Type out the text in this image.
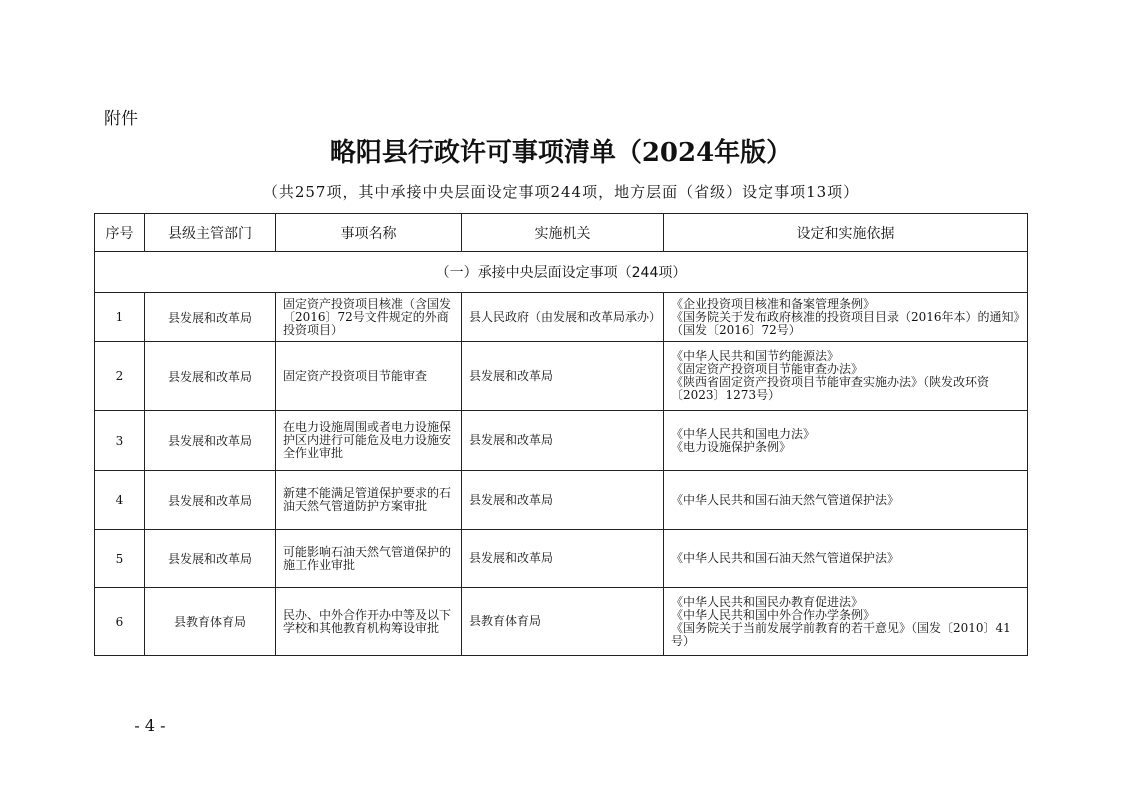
附件
略阳县行政许可事项清单（2024年版）
（共257项，其中承接中央层面设定事项244项，地方层面（省级）设定事项13项）
序号	县级主管部门	事项名称	实施机关	设定和实施依据
（一）承接中央层面设定事项（244项）				
1	县发展和改革局	固定资产投资项目核准（含国发〔2016〕72号文件规定的外商投资项目）	县人民政府（由发展和改革局承办）	《企业投资项目核准和备案管理条例》
《国务院关于发布政府核准的投资项目目录（2016年本）的通知》（国发〔2016〕72号）

2	县发展和改革局	固定资产投资项目节能审查	县发展和改革局	《中华人民共和国节约能源法》
《固定资产投资项目节能审查办法》
《陕西省固定资产投资项目节能审查实施办法》（陕发改环资〔2023〕1273号）

3	县发展和改革局	在电力设施周围或者电力设施保护区内进行可能危及电力设施安全作业审批	县发展和改革局	《中华人民共和国电力法》
《电力设施保护条例》

4	县发展和改革局	新建不能满足管道保护要求的石油天然气管道防护方案审批	县发展和改革局	《中华人民共和国石油天然气管道保护法》

5	县发展和改革局	可能影响石油天然气管道保护的施工作业审批	县发展和改革局	《中华人民共和国石油天然气管道保护法》

6	县教育体育局	民办、中外合作开办中等及以下学校和其他教育机构筹设审批	县教育体育局	《中华人民共和国民办教育促进法》
《中华人民共和国中外合作办学条例》
《国务院关于当前发展学前教育的若干意见》（国发〔2010〕41号）
- 4 -
